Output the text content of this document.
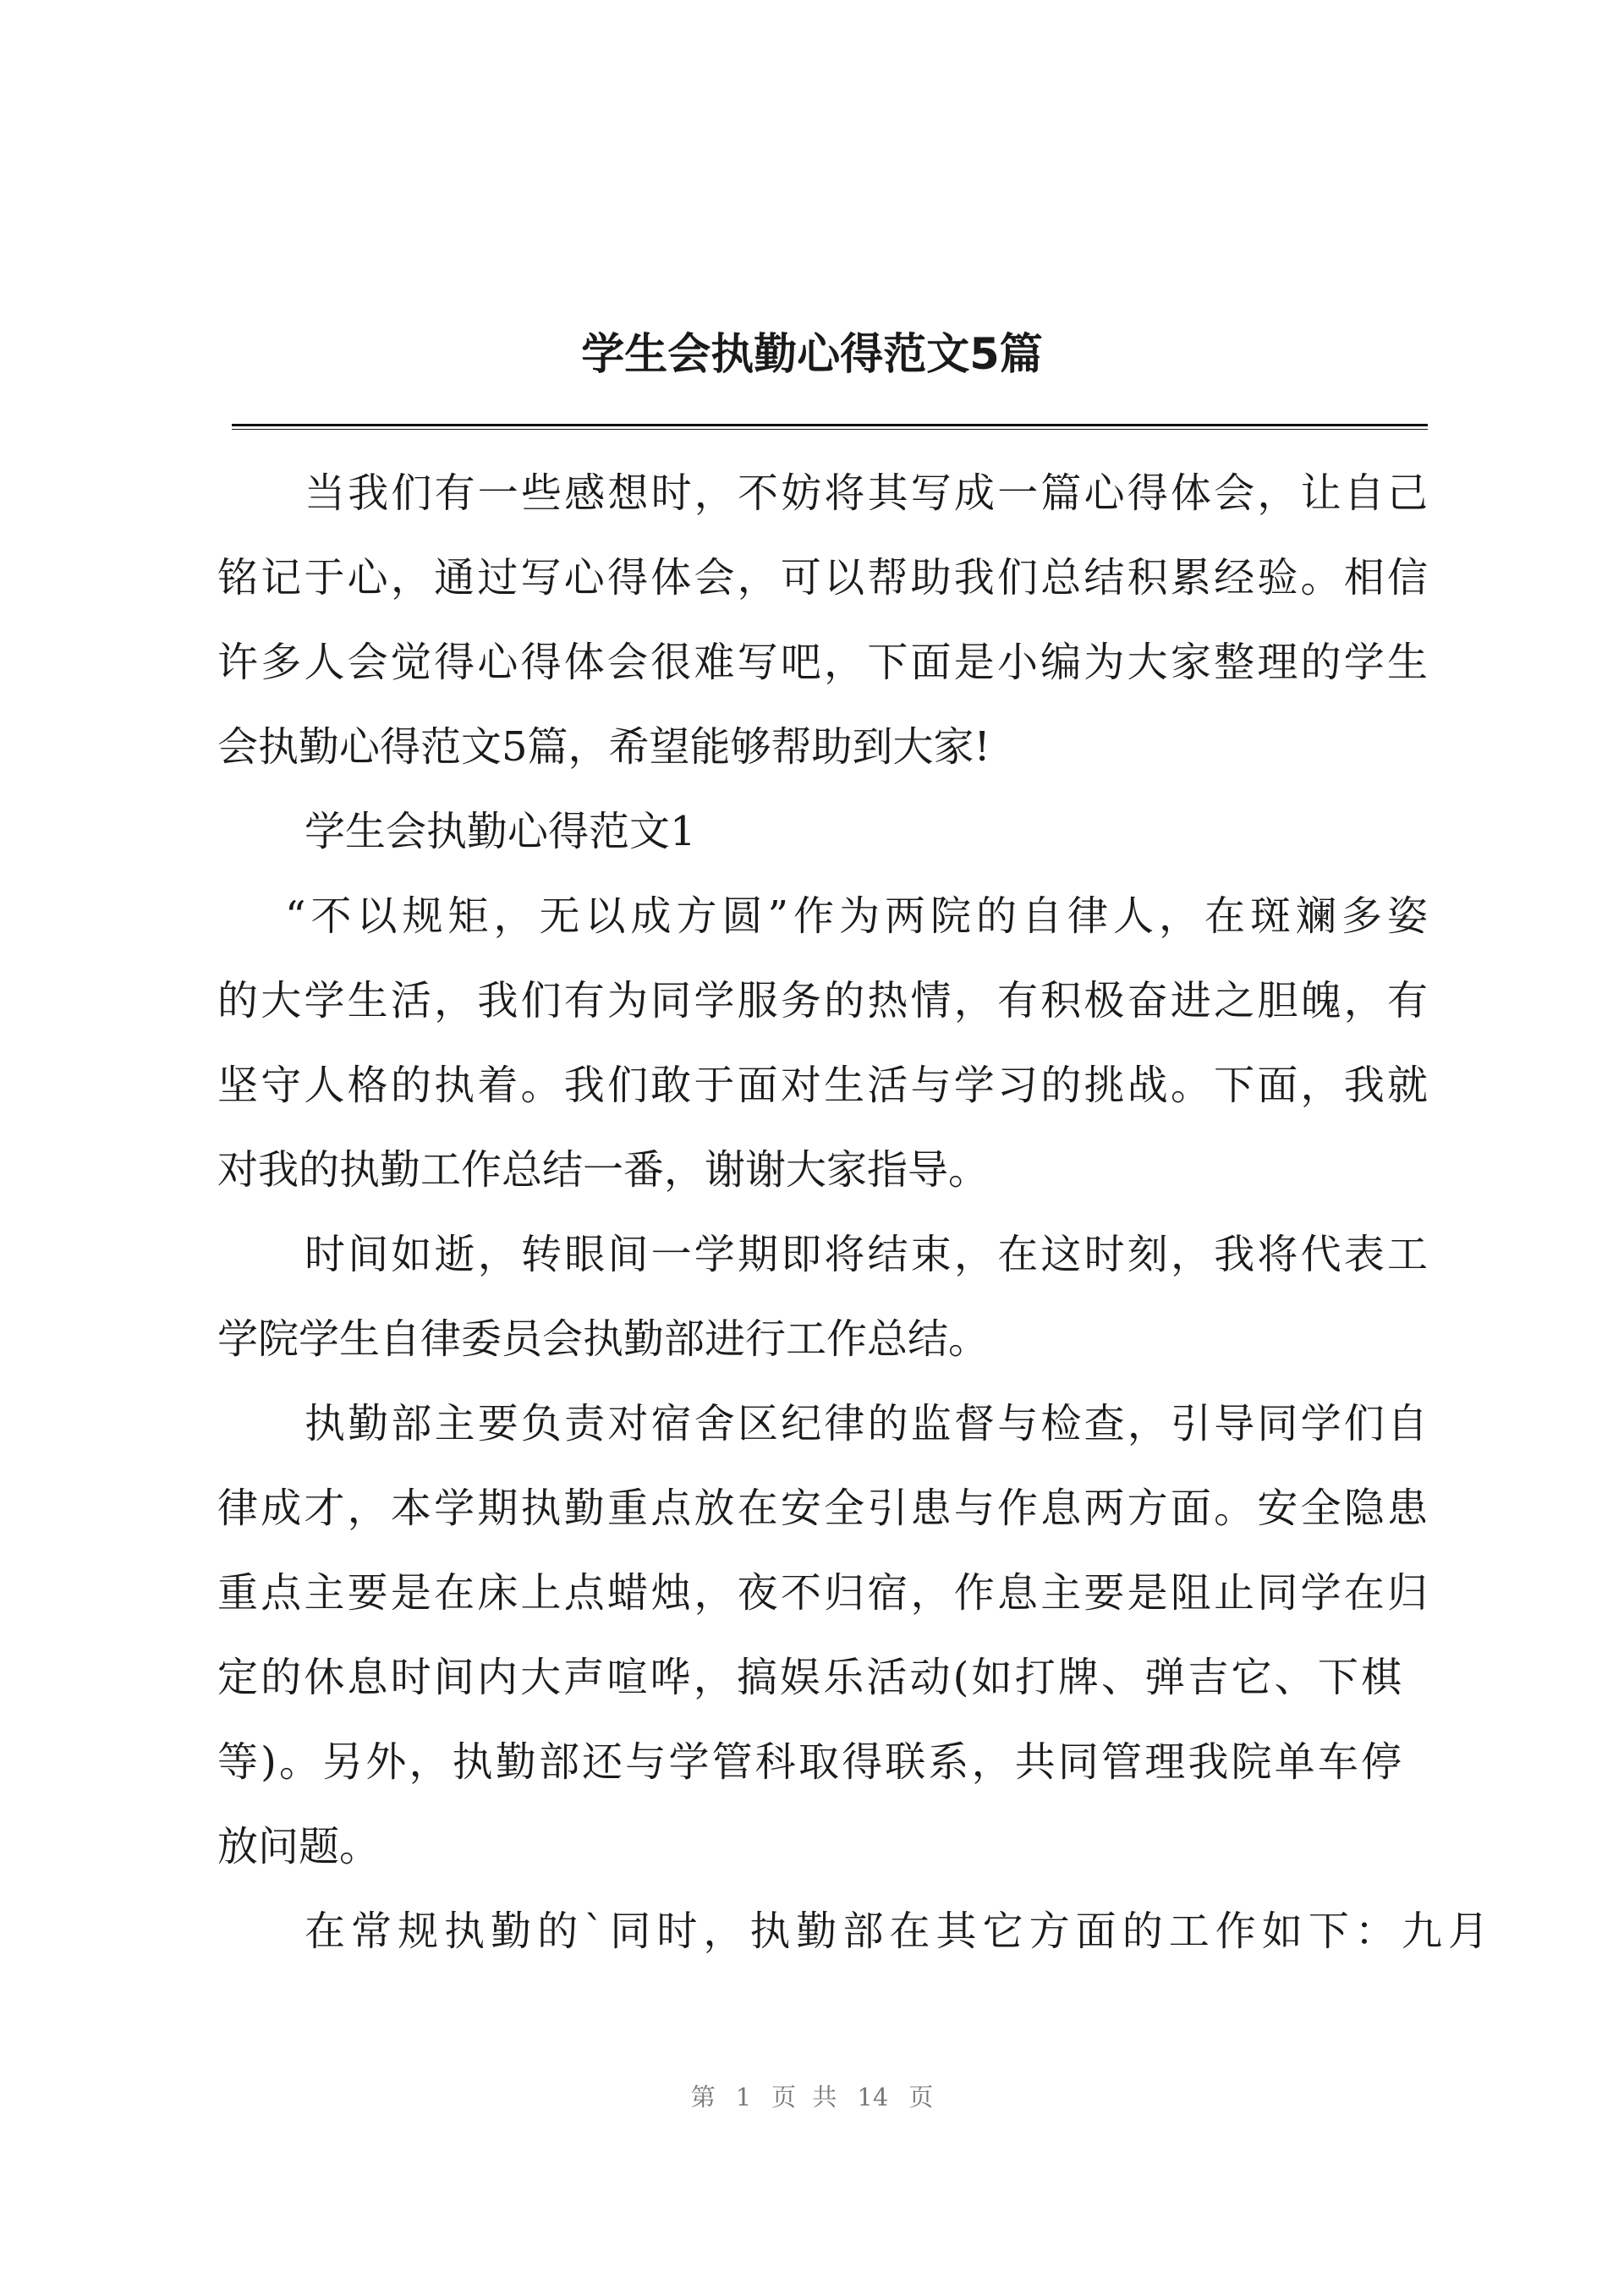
学生会执勤心得范文5篇
当我们有一些感想时，不妨将其写成一篇心得体会，让自己
铭记于心，通过写心得体会，可以帮助我们总结积累经验。相信
许多人会觉得心得体会很难写吧，下面是小编为大家整理的学生
会执勤心得范文5篇，希望能够帮助到大家!
学生会执勤心得范文1
“不以规矩，无以成方圆”作为两院的自律人，在斑斓多姿
的大学生活，我们有为同学服务的热情，有积极奋进之胆魄，有
坚守人格的执着。我们敢于面对生活与学习的挑战。下面，我就
对我的执勤工作总结一番，谢谢大家指导。
时间如逝，转眼间一学期即将结束，在这时刻，我将代表工
学院学生自律委员会执勤部进行工作总结。
执勤部主要负责对宿舍区纪律的监督与检查，引导同学们自
律成才，本学期执勤重点放在安全引患与作息两方面。安全隐患
重点主要是在床上点蜡烛，夜不归宿，作息主要是阻止同学在归
定的休息时间内大声喧哗，搞娱乐活动(如打牌、弹吉它、下棋
等)。另外，执勤部还与学管科取得联系，共同管理我院单车停
放问题。
在常规执勤的`同时，执勤部在其它方面的工作如下：九月
第 1 页 共 14 页
